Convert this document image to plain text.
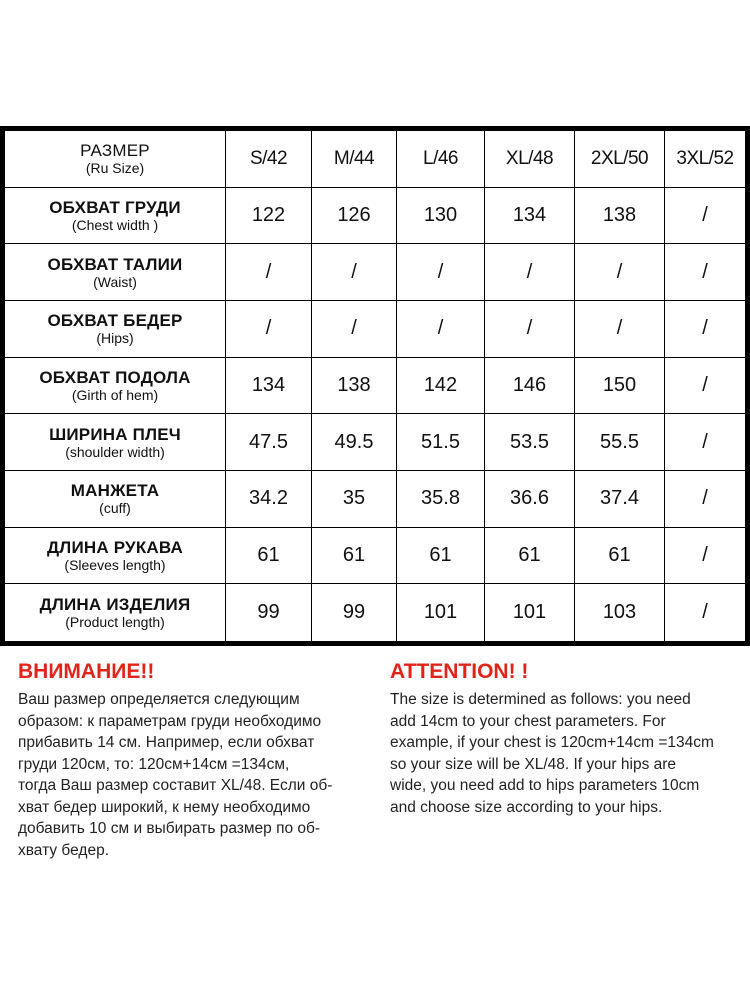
РАЗМЕР
(Ru Size)	S/42	M/44	L/46	XL/48	2XL/50	3XL/52
ОБХВАТ ГРУДИ
(Chest width )	122	126	130	134	138	/
ОБХВАТ ТАЛИИ
(Waist)	/	/	/	/	/	/
ОБХВАТ БЕДЕР
(Hips)	/	/	/	/	/	/
ОБХВАТ ПОДОЛА
(Girth of hem)	134	138	142	146	150	/
ШИРИНА ПЛЕЧ
(shoulder width)	47.5	49.5	51.5	53.5	55.5	/
МАНЖЕТА
(cuff)	34.2	35	35.8	36.6	37.4	/
ДЛИНА РУКАВА
(Sleeves length)	61	61	61	61	61	/
ДЛИНА ИЗДЕЛИЯ
(Product length)	99	99	101	101	103	/
ВНИМАНИЕ!!
Ваш размер определяется следующим
образом: к параметрам груди необходимо
прибавить 14 см. Например, если обхват
груди 120см, то: 120см+14см =134см,
тогда Ваш размер составит XL/48. Если об-
хват бедер широкий, к нему необходимо
добавить 10 см и выбирать размер по об-
хвату бедер.
ATTENTION! !
The size is determined as follows: you need
add 14cm to your chest parameters. For
example, if your chest is 120cm+14cm =134cm
so your size will be XL/48. If your hips are
wide, you need add to hips parameters 10cm
and choose size according to your hips.
